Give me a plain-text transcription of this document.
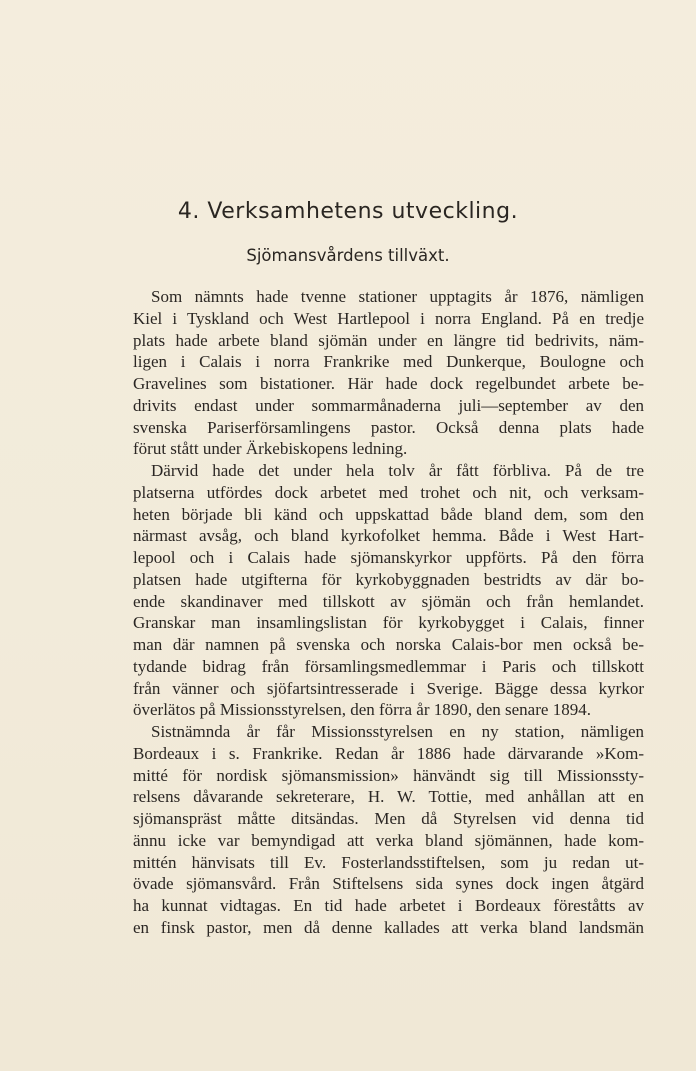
4. Verksamhetens utveckling.
Sjömansvårdens tillväxt.
Som nämnts hade tvenne stationer upptagits år 1876, nämligen
Kiel i Tyskland och West Hartlepool i norra England. På en tredje
plats hade arbete bland sjömän under en längre tid bedrivits, näm-
ligen i Calais i norra Frankrike med Dunkerque, Boulogne och
Gravelines som bistationer. Här hade dock regelbundet arbete be-
drivits endast under sommarmånaderna juli—september av den
svenska Pariserförsamlingens pastor. Också denna plats hade
förut stått under Ärkebiskopens ledning.
Därvid hade det under hela tolv år fått förbliva. På de tre
platserna utfördes dock arbetet med trohet och nit, och verksam-
heten började bli känd och uppskattad både bland dem, som den
närmast avsåg, och bland kyrkofolket hemma. Både i West Hart-
lepool och i Calais hade sjömanskyrkor uppförts. På den förra
platsen hade utgifterna för kyrkobyggnaden bestridts av där bo-
ende skandinaver med tillskott av sjömän och från hemlandet.
Granskar man insamlingslistan för kyrkobygget i Calais, finner
man där namnen på svenska och norska Calais-bor men också be-
tydande bidrag från församlingsmedlemmar i Paris och tillskott
från vänner och sjöfartsintresserade i Sverige. Bägge dessa kyrkor
överlätos på Missionsstyrelsen, den förra år 1890, den senare 1894.
Sistnämnda år får Missionsstyrelsen en ny station, nämligen
Bordeaux i s. Frankrike. Redan år 1886 hade därvarande »Kom-
mitté för nordisk sjömansmission» hänvändt sig till Missionssty-
relsens dåvarande sekreterare, H. W. Tottie, med anhållan att en
sjömanspräst måtte ditsändas. Men då Styrelsen vid denna tid
ännu icke var bemyndigad att verka bland sjömännen, hade kom-
mittén hänvisats till Ev. Fosterlandsstiftelsen, som ju redan ut-
övade sjömansvård. Från Stiftelsens sida synes dock ingen åtgärd
ha kunnat vidtagas. En tid hade arbetet i Bordeaux föreståtts av
en finsk pastor, men då denne kallades att verka bland landsmän
